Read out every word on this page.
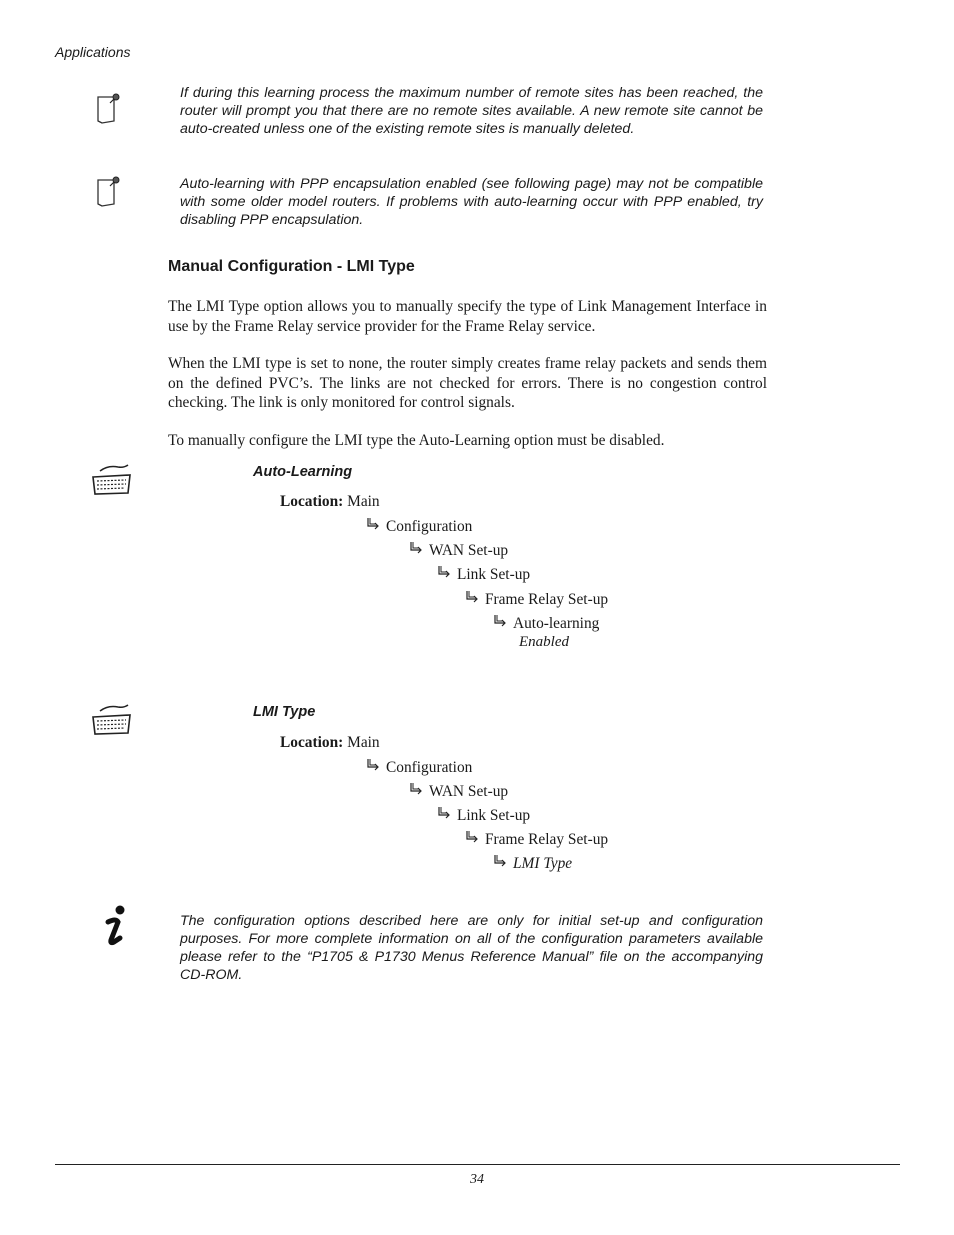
Applications
If during this learning process the maximum number of remote sites has been reached, the router will prompt you that there are no remote sites available. A new remote site cannot be auto-created unless one of the existing remote sites is manually deleted.
Auto-learning with PPP encapsulation enabled (see following page) may not be compatible with some older model routers. If problems with auto-learning occur with PPP enabled, try disabling PPP encapsulation.
Manual Configuration - LMI Type
The LMI Type option allows you to manually specify the type of Link Management Interface in use by the Frame Relay service provider for the Frame Relay service.
When the LMI type is set to none, the router simply creates frame relay packets and sends them on the defined PVC’s. The links are not checked for errors. There is no congestion control checking. The link is only monitored for control signals.
To manually configure the LMI type the Auto-Learning option must be disabled.
Auto-Learning
Location: Main
Configuration
WAN Set-up
Link Set-up
Frame Relay Set-up
Auto-learning
Enabled
LMI Type
Location: Main
Configuration
WAN Set-up
Link Set-up
Frame Relay Set-up
LMI Type
The configuration options described here are only for initial set-up and configuration purposes. For more complete information on all of the configuration parameters available please refer to the “P1705 & P1730 Menus Reference Manual” file on the accompanying CD-ROM.
34
